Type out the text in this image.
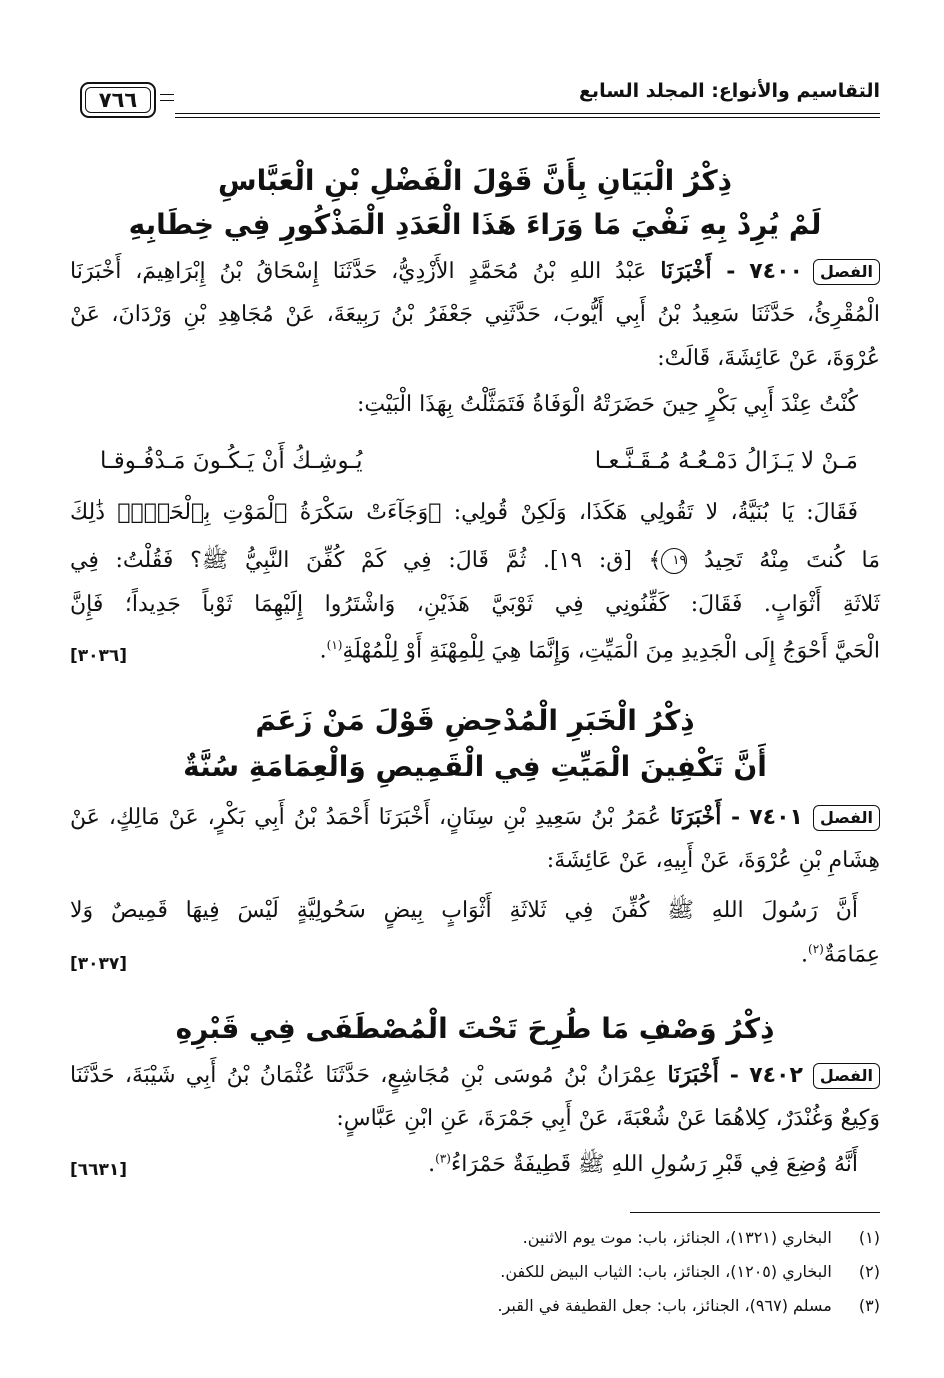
التقاسيم والأنواع: المجلد السابع
٧٦٦
ذِكْرُ الْبَيَانِ بِأَنَّ قَوْلَ الْفَضْلِ بْنِ الْعَبَّاسِ
لَمْ يُرِدْ بِهِ نَفْيَ مَا وَرَاءَ هَذَا الْعَدَدِ الْمَذْكُورِ فِي خِطَابِهِ
الفصل٧٤٠٠ - أَخْبَرَنَا عَبْدُ اللهِ بْنُ مُحَمَّدٍ الأَزْدِيُّ، حَدَّثَنَا إِسْحَاقُ بْنُ إِبْرَاهِيمَ، أَخْبَرَنَا
الْمُقْرِئُ، حَدَّثَنَا سَعِيدُ بْنُ أَبِي أَيُّوبَ، حَدَّثَنِي جَعْفَرُ بْنُ رَبِيعَةَ، عَنْ مُجَاهِدِ بْنِ وَرْدَانَ، عَنْ
عُرْوَةَ، عَنْ عَائِشَةَ، قَالَتْ:
كُنْتُ عِنْدَ أَبِي بَكْرٍ حِينَ حَضَرَتْهُ الْوَفَاةُ فَتَمَثَّلْتُ بِهَذَا الْبَيْتِ:
مَـنْ لا يَـزَالُ دَمْـعُـهُ مُـقَـنَّـعـا
يُـوشِـكُ أَنْ يَـكُـونَ مَـدْفُـوقـا
فَقَالَ: يَا بُنَيَّةُ، لا تَقُولِي هَكَذَا، وَلَكِنْ قُولِي: ﴿وَجَآءَتْ سَكْرَةُ ٱلْمَوْتِ بِٱلْحَقِّۖ ذَٰلِكَ
مَا كُنتَ مِنْهُ تَحِيدُ ١٩﴾ [ق: ١٩]. ثُمَّ قَالَ: فِي كَمْ كُفِّنَ النَّبِيُّ ﷺ؟ فَقُلْتُ: فِي
ثَلاثَةِ أَثْوَابٍ. فَقَالَ: كَفِّنُونِي فِي ثَوْبَيَّ هَذَيْنِ، وَاشْتَرُوا إِلَيْهِمَا ثَوْباً جَدِيداً؛ فَإِنَّ
الْحَيَّ أَحْوَجُ إِلَى الْجَدِيدِ مِنَ الْمَيِّتِ، وَإِنَّمَا هِيَ لِلْمِهْنَةِ أَوْ لِلْمُهْلَةِ$^{(١)}$.
[٣٠٣٦]
ذِكْرُ الْخَبَرِ الْمُدْحِضِ قَوْلَ مَنْ زَعَمَ
أَنَّ تَكْفِينَ الْمَيِّتِ فِي الْقَمِيصِ وَالْعِمَامَةِ سُنَّةٌ
الفصل٧٤٠١ - أَخْبَرَنَا عُمَرُ بْنُ سَعِيدِ بْنِ سِنَانٍ، أَخْبَرَنَا أَحْمَدُ بْنُ أَبِي بَكْرٍ، عَنْ مَالِكٍ، عَنْ
هِشَامِ بْنِ عُرْوَةَ، عَنْ أَبِيهِ، عَنْ عَائِشَةَ:
أَنَّ رَسُولَ اللهِ ﷺ كُفِّنَ فِي ثَلاثَةِ أَثْوَابٍ بِيضٍ سَحُولِيَّةٍ لَيْسَ فِيهَا قَمِيصٌ وَلا
عِمَامَةٌ$^{(٢)}$.
[٣٠٣٧]
ذِكْرُ وَصْفِ مَا طُرِحَ تَحْتَ الْمُصْطَفَى فِي قَبْرِهِ
الفصل٧٤٠٢ - أَخْبَرَنَا عِمْرَانُ بْنُ مُوسَى بْنِ مُجَاشِعٍ، حَدَّثَنَا عُثْمَانُ بْنُ أَبِي شَيْبَةَ، حَدَّثَنَا
وَكِيعٌ وَغُنْدَرٌ، كِلاهُمَا عَنْ شُعْبَةَ، عَنْ أَبِي جَمْرَةَ، عَنِ ابْنِ عَبَّاسٍ:
أَنَّهُ وُضِعَ فِي قَبْرِ رَسُولِ اللهِ ﷺ قَطِيفَةٌ حَمْرَاءُ$^{(٣)}$.
[٦٦٣١]
(١)  البخاري (١٣٢١)، الجنائز، باب: موت يوم الاثنين.
(٢)  البخاري (١٢٠٥)، الجنائز، باب: الثياب البيض للكفن.
(٣)  مسلم (٩٦٧)، الجنائز، باب: جعل القطيفة في القبر.
